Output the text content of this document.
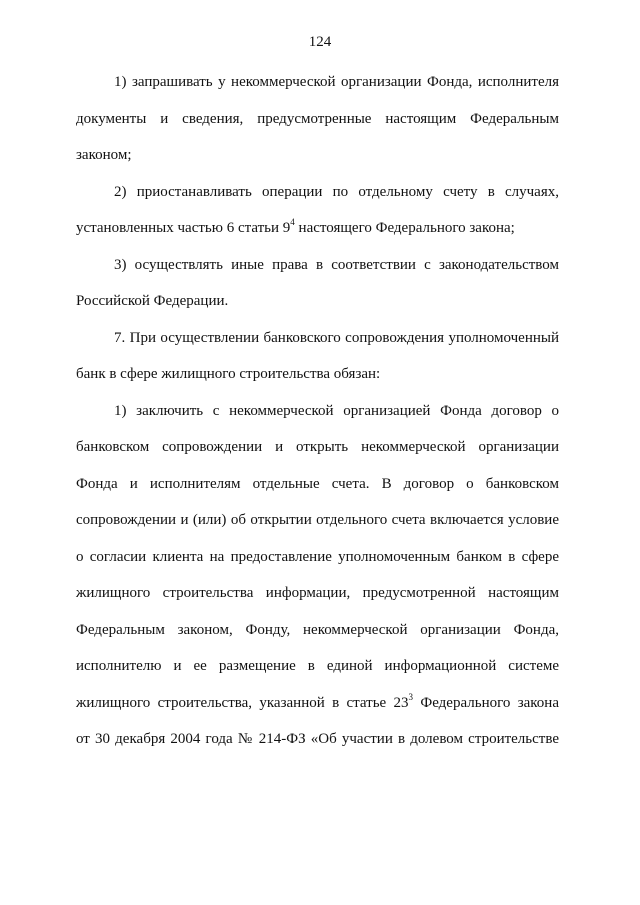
124
1) запрашивать у некоммерческой организации Фонда, исполнителя
документы и сведения, предусмотренные настоящим Федеральным
законом;
2) приостанавливать операции по отдельному счету в случаях,
установленных частью 6 статьи $9^4$ настоящего Федерального закона;
3) осуществлять иные права в соответствии с законодательством
Российской Федерации.
7. При осуществлении банковского сопровождения уполномоченный
банк в сфере жилищного строительства обязан:
1) заключить с некоммерческой организацией Фонда договор о
банковском сопровождении и открыть некоммерческой организации
Фонда и исполнителям отдельные счета. В договор о банковском
сопровождении и (или) об открытии отдельного счета включается условие
о согласии клиента на предоставление уполномоченным банком в сфере
жилищного строительства информации, предусмотренной настоящим
Федеральным законом, Фонду, некоммерческой организации Фонда,
исполнителю и ее размещение в единой информационной системе
жилищного строительства, указанной в статье $23^3$ Федерального закона
от 30 декабря 2004 года № 214-ФЗ «Об участии в долевом строительстве
